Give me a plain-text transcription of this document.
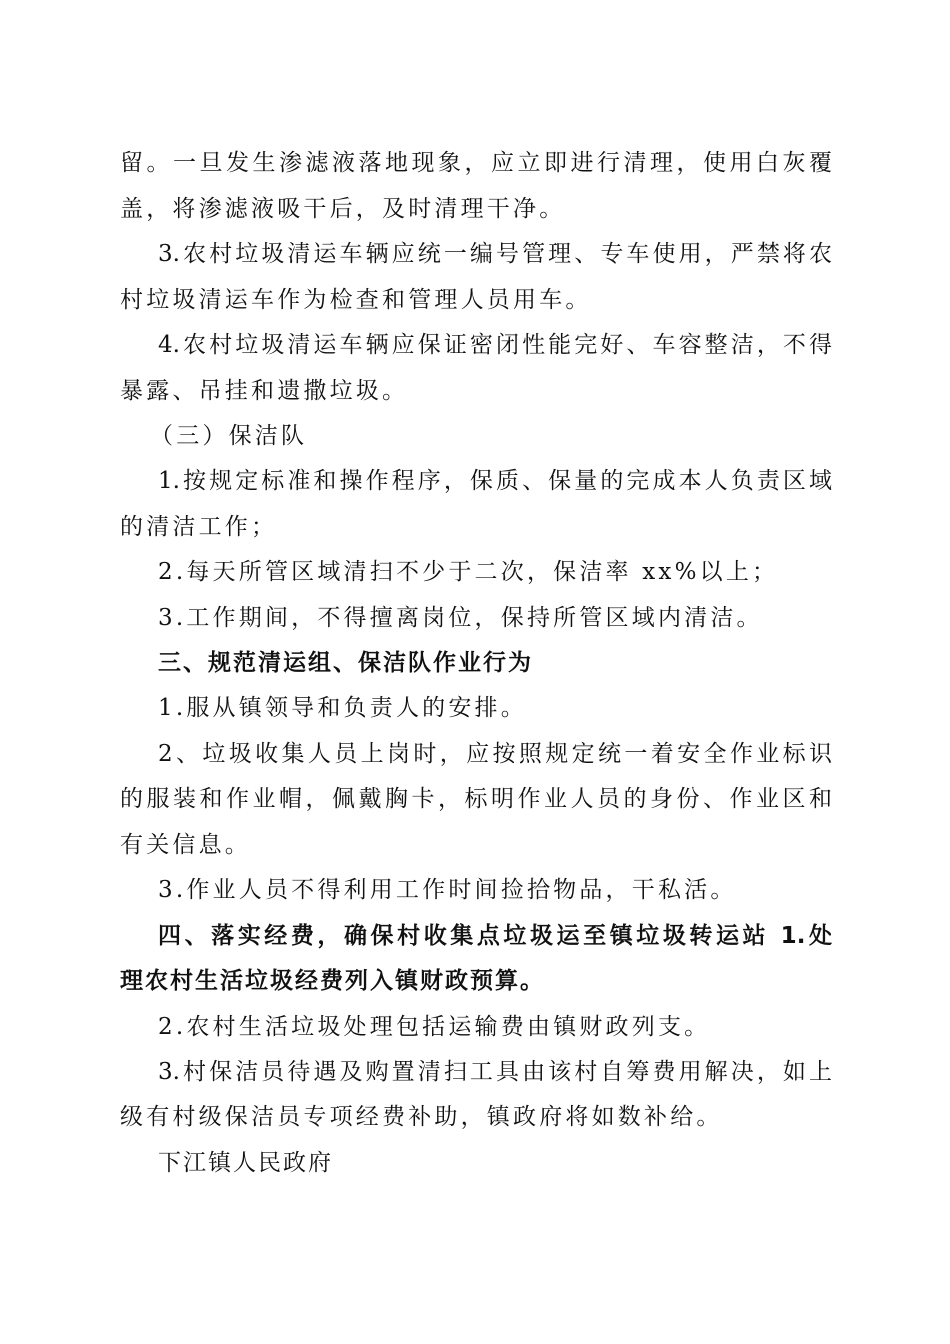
留。一旦发生渗滤液落地现象，应立即进行清理，使用白灰覆
盖，将渗滤液吸干后，及时清理干净。
3.农村垃圾清运车辆应统一编号管理、专车使用，严禁将农
村垃圾清运车作为检查和管理人员用车。
4.农村垃圾清运车辆应保证密闭性能完好、车容整洁，不得
暴露、吊挂和遗撒垃圾。
（三）保洁队
1.按规定标准和操作程序，保质、保量的完成本人负责区域
的清洁工作；
2.每天所管区域清扫不少于二次，保洁率 xx%以上；
3.工作期间，不得擅离岗位，保持所管区域内清洁。
三、规范清运组、保洁队作业行为
1.服从镇领导和负责人的安排。
2、垃圾收集人员上岗时，应按照规定统一着安全作业标识
的服装和作业帽，佩戴胸卡，标明作业人员的身份、作业区和
有关信息。
3.作业人员不得利用工作时间捡拾物品，干私活。
四、落实经费，确保村收集点垃圾运至镇垃圾转运站 1.处
理农村生活垃圾经费列入镇财政预算。
2.农村生活垃圾处理包括运输费由镇财政列支。
3.村保洁员待遇及购置清扫工具由该村自筹费用解决，如上
级有村级保洁员专项经费补助，镇政府将如数补给。
下江镇人民政府
